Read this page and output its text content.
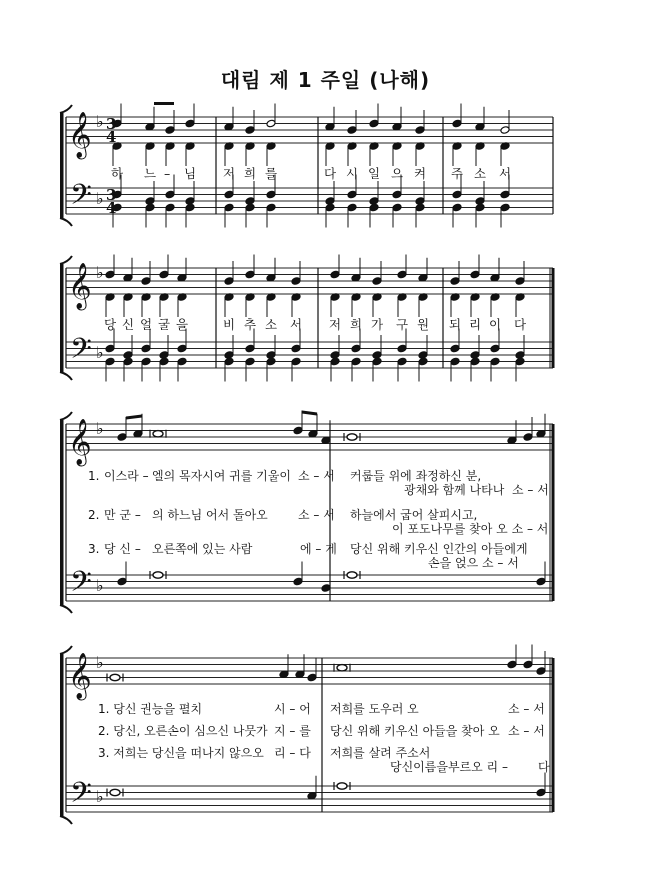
대림 제 1 주일 (나해)
𝄞
𝄢
♭
♭
3
4
3
4
𝄞
𝄢
♭
♭
𝄞
𝄢
♭
♭
𝄞
𝄢
♭
♭
하 느 – 님 저 희 를	다 시 일 으 켜 주 소 서
당 신 얼 굴 을	비 추 소 서 저 희 가 구 원 되 리 이 다
1. 이스라 – 엘의 목자시여 귀를 기울이 소 – 서 커룹들 위에 좌정하신 분,
광채와 함께 나타나  소 – 서
2. 만 군 – 의 하느님 어서 돌아오	소 – 서 하늘에서 굽어 살피시고,
이 포도나무를 찾아 오 소 – 서
3. 당 신 – 오른쪽에 있는 사람	에 – 게 당신 위해 키우신 인간의 아들에게
손을 얹으 소 – 서
1. 당신 권능을 펼치	시 – 어 저희를 도우러 오	소 – 서
2. 당신, 오른손이 심으신 나뭇가 지 – 를 당신 위해 키우신 아들을 찾아 오 소 – 서
3. 저희는 당신을 떠나지 않으오 리 – 다 저희를 살려 주소서
당신이름을부르오 리 –	다
